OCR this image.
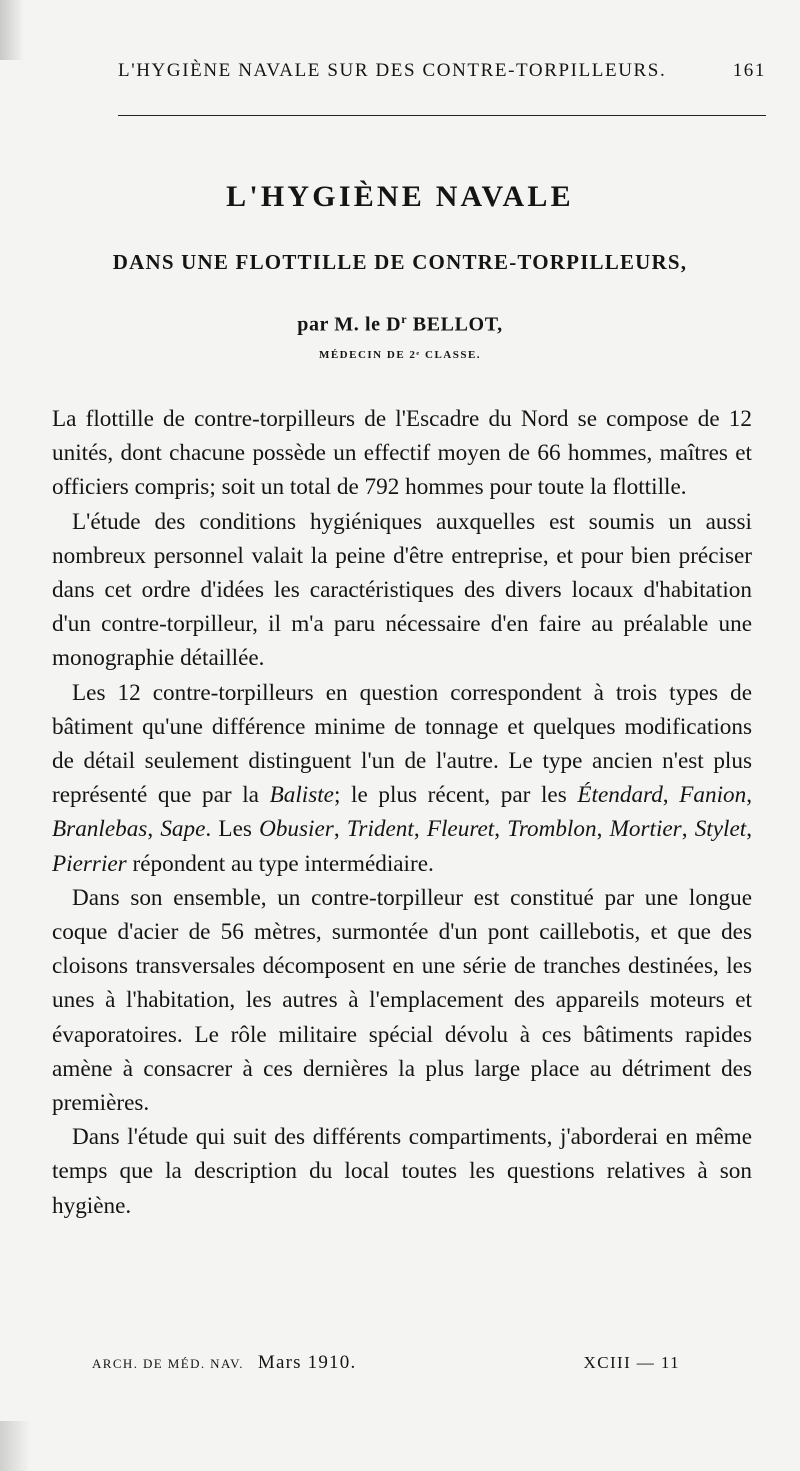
L'HYGIÈNE NAVALE SUR DES CONTRE-TORPILLEURS.	161
L'HYGIÈNE NAVALE
DANS UNE FLOTTILLE DE CONTRE-TORPILLEURS,
par M. le $D^r$ BELLOT,
MÉDECIN DE 2ᵉ CLASSE.

La flottille de contre-torpilleurs de l'Escadre du Nord se compose de 12 unités, dont chacune possède un effectif moyen de 66 hommes, maîtres et officiers compris; soit un total de 792 hommes pour toute la flottille.

L'étude des conditions hygiéniques auxquelles est soumis un aussi nombreux personnel valait la peine d'être entreprise, et pour bien préciser dans cet ordre d'idées les caractéristiques des divers locaux d'habitation d'un contre-torpilleur, il m'a paru nécessaire d'en faire au préalable une monographie détaillée.

Les 12 contre-torpilleurs en question correspondent à trois types de bâtiment qu'une différence minime de tonnage et quelques modifications de détail seulement distinguent l'un de l'autre. Le type ancien n'est plus représenté que par la Baliste; le plus récent, par les Étendard, Fanion, Branlebas, Sape. Les Obusier, Trident, Fleuret, Tromblon, Mortier, Stylet, Pierrier répondent au type intermédiaire.

Dans son ensemble, un contre-torpilleur est constitué par une longue coque d'acier de 56 mètres, surmontée d'un pont caillebotis, et que des cloisons transversales décomposent en une série de tranches destinées, les unes à l'habitation, les autres à l'emplacement des appareils moteurs et évaporatoires. Le rôle militaire spécial dévolu à ces bâtiments rapides amène à consacrer à ces dernières la plus large place au détriment des premières.

Dans l'étude qui suit des différents compartiments, j'aborderai en même temps que la description du local toutes les questions relatives à son hygiène.

ARCH. DE MÉD. NAV. Mars 1910.	XCIII — 11
